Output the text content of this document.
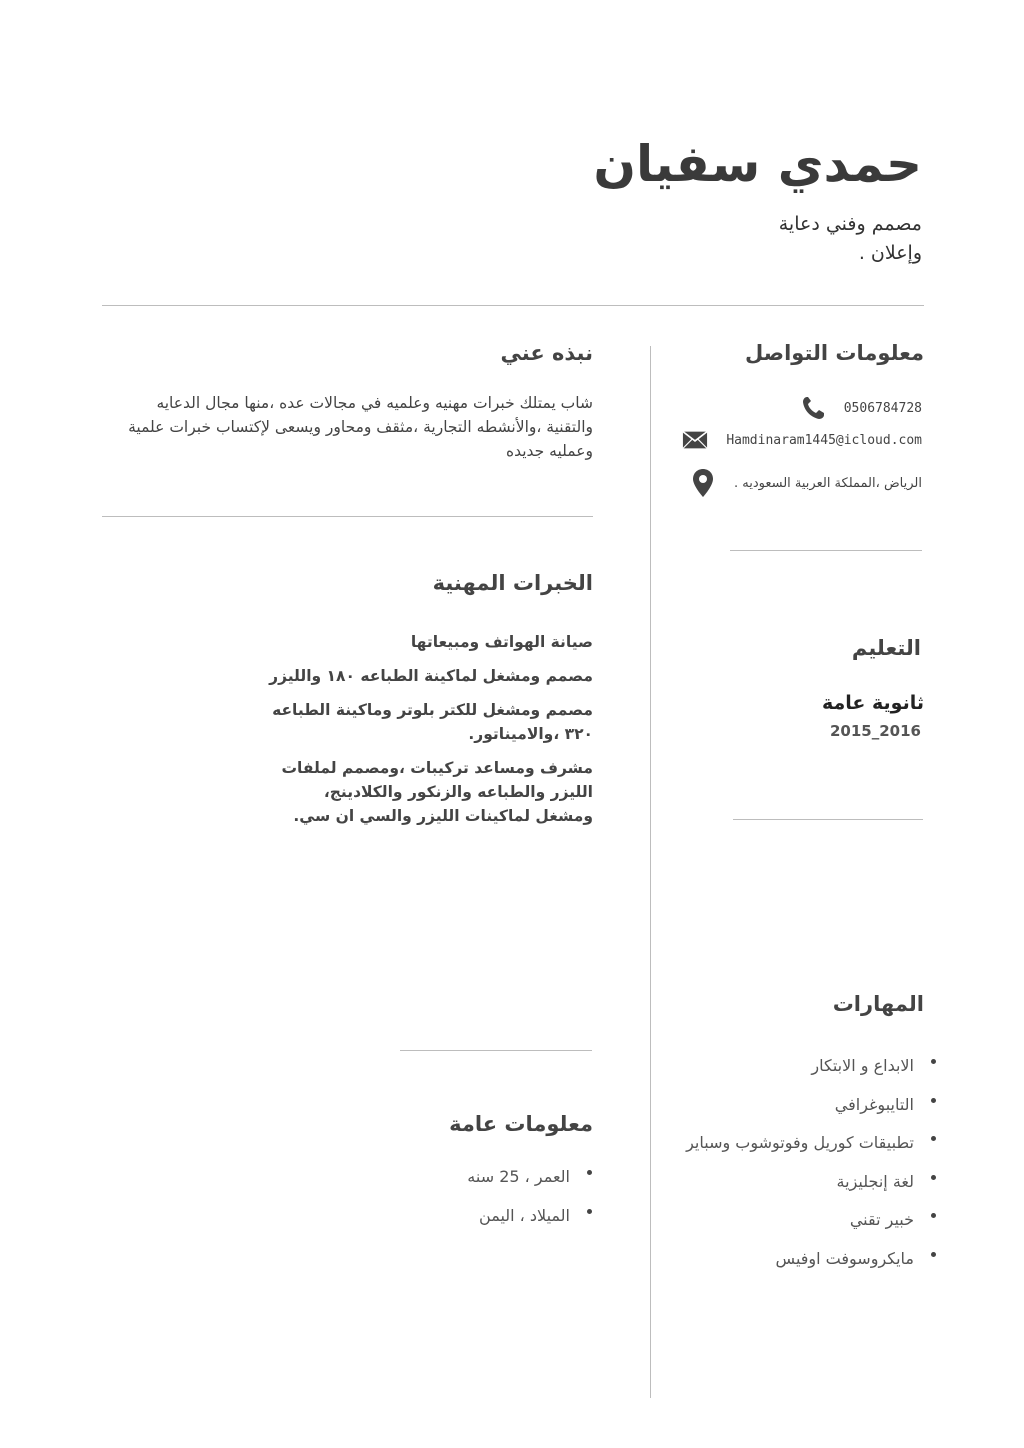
حمدي سفيان
مصمم وفني دعاية وإعلان .
معلومات التواصل
0506784728
Hamdinaram1445@icloud.com
الرياض ،المملكة العربية السعوديه .
التعليم
ثانوية عامة
2015_2016
المهارات
الابداع و الابتكار
التايبوغرافي
تطبيقات كوريل وفوتوشوب وسباير
لغة إنجليزية
خبير تقني
مايكروسوفت اوفيس
نبذه عني
شاب يمتلك خبرات مهنيه وعلميه في مجالات عده ،منها مجال الدعايه والتقنية ،والأنشطه التجارية ،مثقف ومحاور ويسعى لإكتساب خبرات علمية وعمليه جديده
الخبرات المهنية
صيانة الهواتف ومبيعاتها
مصمم ومشغل لماكينة الطباعه ١٨٠ والليزر
مصمم ومشغل للكتر بلوتر وماكينة الطباعه ٣٢٠ ،والاميناتور.
مشرف ومساعد تركيبات ،ومصمم لملفات الليزر والطباعه والزنكور والكلادينج، ومشغل لماكينات الليزر والسي ان سي.
معلومات عامة
العمر ، 25 سنه
الميلاد ، اليمن
